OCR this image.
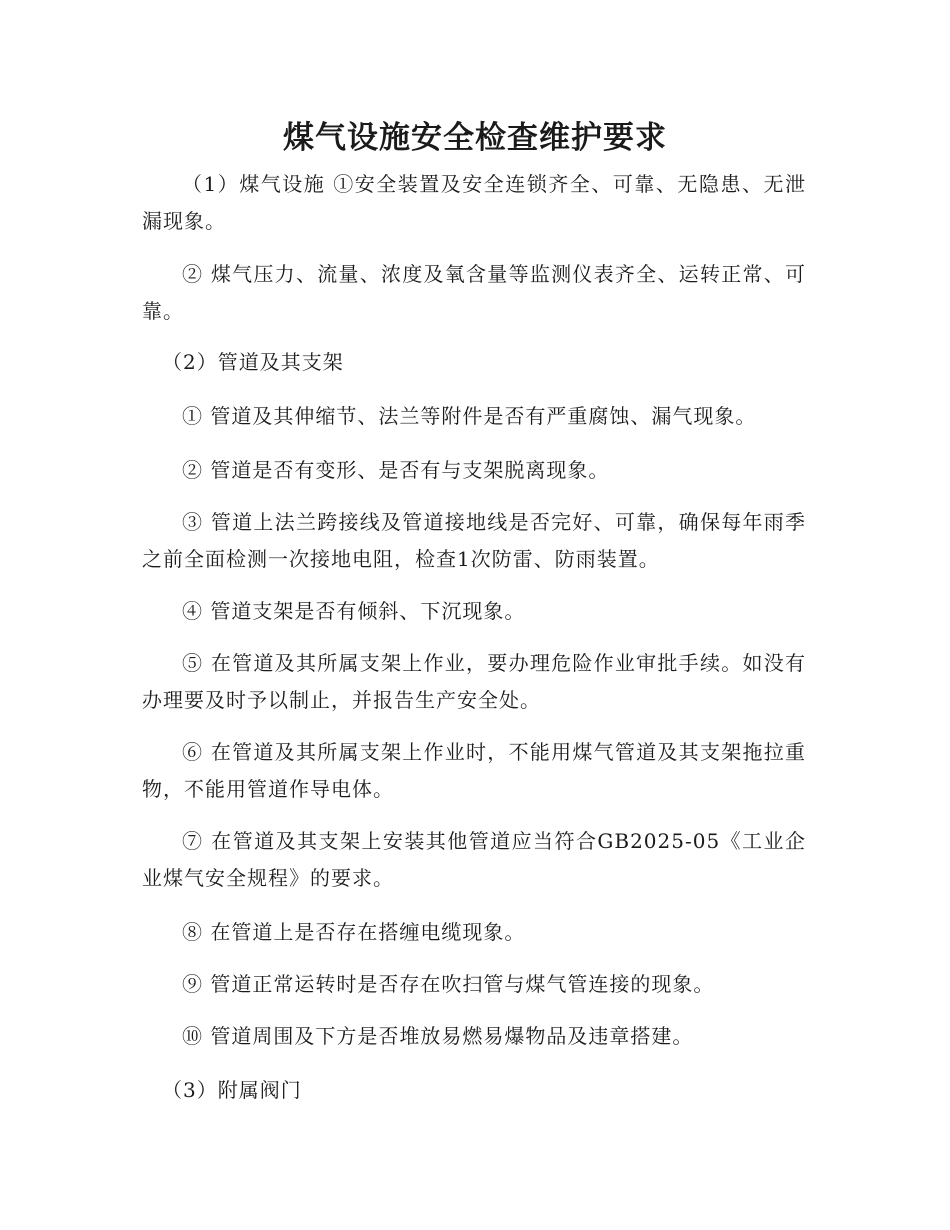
煤气设施安全检查维护要求

（1）煤气设施 ①安全装置及安全连锁齐全、可靠、无隐患、无泄漏现象。

② 煤气压力、流量、浓度及氧含量等监测仪表齐全、运转正常、可靠。

（2）管道及其支架

① 管道及其伸缩节、法兰等附件是否有严重腐蚀、漏气现象。

② 管道是否有变形、是否有与支架脱离现象。

③ 管道上法兰跨接线及管道接地线是否完好、可靠，确保每年雨季之前全面检测一次接地电阻，检查1次防雷、防雨装置。

④ 管道支架是否有倾斜、下沉现象。

⑤ 在管道及其所属支架上作业，要办理危险作业审批手续。如没有办理要及时予以制止，并报告生产安全处。

⑥ 在管道及其所属支架上作业时，不能用煤气管道及其支架拖拉重物，不能用管道作导电体。

⑦ 在管道及其支架上安装其他管道应当符合GB2025-05《工业企业煤气安全规程》的要求。

⑧ 在管道上是否存在搭缠电缆现象。

⑨ 管道正常运转时是否存在吹扫管与煤气管连接的现象。

⑩ 管道周围及下方是否堆放易燃易爆物品及违章搭建。

（3）附属阀门
